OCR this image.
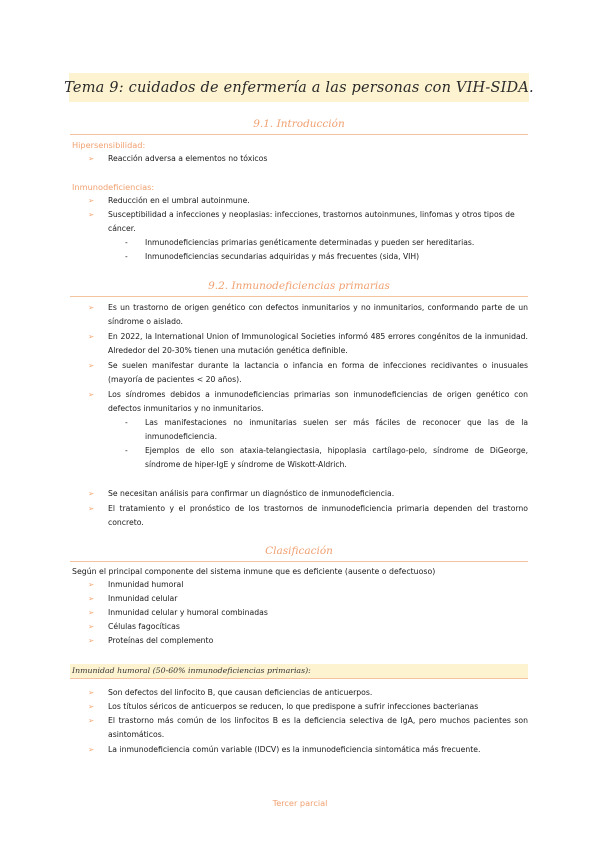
Tema 9: cuidados de enfermería a las personas con VIH-SIDA.
9.1. Introducción
Hipersensibilidad:
➢	Reacción adversa a elementos no tóxicos
Inmunodeficiencias:
➢	Reducción en el umbral autoinmune.
➢	Susceptibilidad a infecciones y neoplasias: infecciones, trastornos autoinmunes, linfomas y otros tipos de cáncer.
-	Inmunodeficiencias primarias genéticamente determinadas y pueden ser hereditarias.
-	Inmunodeficiencias secundarias adquiridas y más frecuentes (sida, VIH)
9.2. Inmunodeficiencias primarias
➢	Es un trastorno de origen genético con defectos inmunitarios y no inmunitarios, conformando parte de un síndrome o aislado.
➢	En 2022, la International Union of Immunological Societies informó 485 errores congénitos de la inmunidad. Alrededor del 20-30% tienen una mutación genética definible.
➢	Se suelen manifestar durante la lactancia o infancia en forma de infecciones recidivantes o inusuales (mayoría de pacientes < 20 años).
➢	Los síndromes debidos a inmunodeficiencias primarias son inmunodeficiencias de origen genético con defectos inmunitarios y no inmunitarios.
-	Las manifestaciones no inmunitarias suelen ser más fáciles de reconocer que las de la inmunodeficiencia.
-	Ejemplos de ello son ataxia-telangiectasia, hipoplasia cartílago-pelo, síndrome de DiGeorge, síndrome de hiper-IgE y síndrome de Wiskott-Aldrich.
➢	Se necesitan análisis para confirmar un diagnóstico de inmunodeficiencia.
➢	El tratamiento y el pronóstico de los trastornos de inmunodeficiencia primaria dependen del trastorno concreto.
Clasificación
Según el principal componente del sistema inmune que es deficiente (ausente o defectuoso)
➢	Inmunidad humoral
➢	Inmunidad celular
➢	Inmunidad celular y humoral combinadas
➢	Células fagocíticas
➢	Proteínas del complemento
Inmunidad humoral (50-60% inmunodeficiencias primarias):
➢	Son defectos del linfocito B, que causan deficiencias de anticuerpos.
➢	Los títulos séricos de anticuerpos se reducen, lo que predispone a sufrir infecciones bacterianas
➢	El trastorno más común de los linfocitos B es la deficiencia selectiva de IgA, pero muchos pacientes son asintomáticos.
➢	La inmunodeficiencia común variable (IDCV) es la inmunodeficiencia sintomática más frecuente.
Tercer parcial
